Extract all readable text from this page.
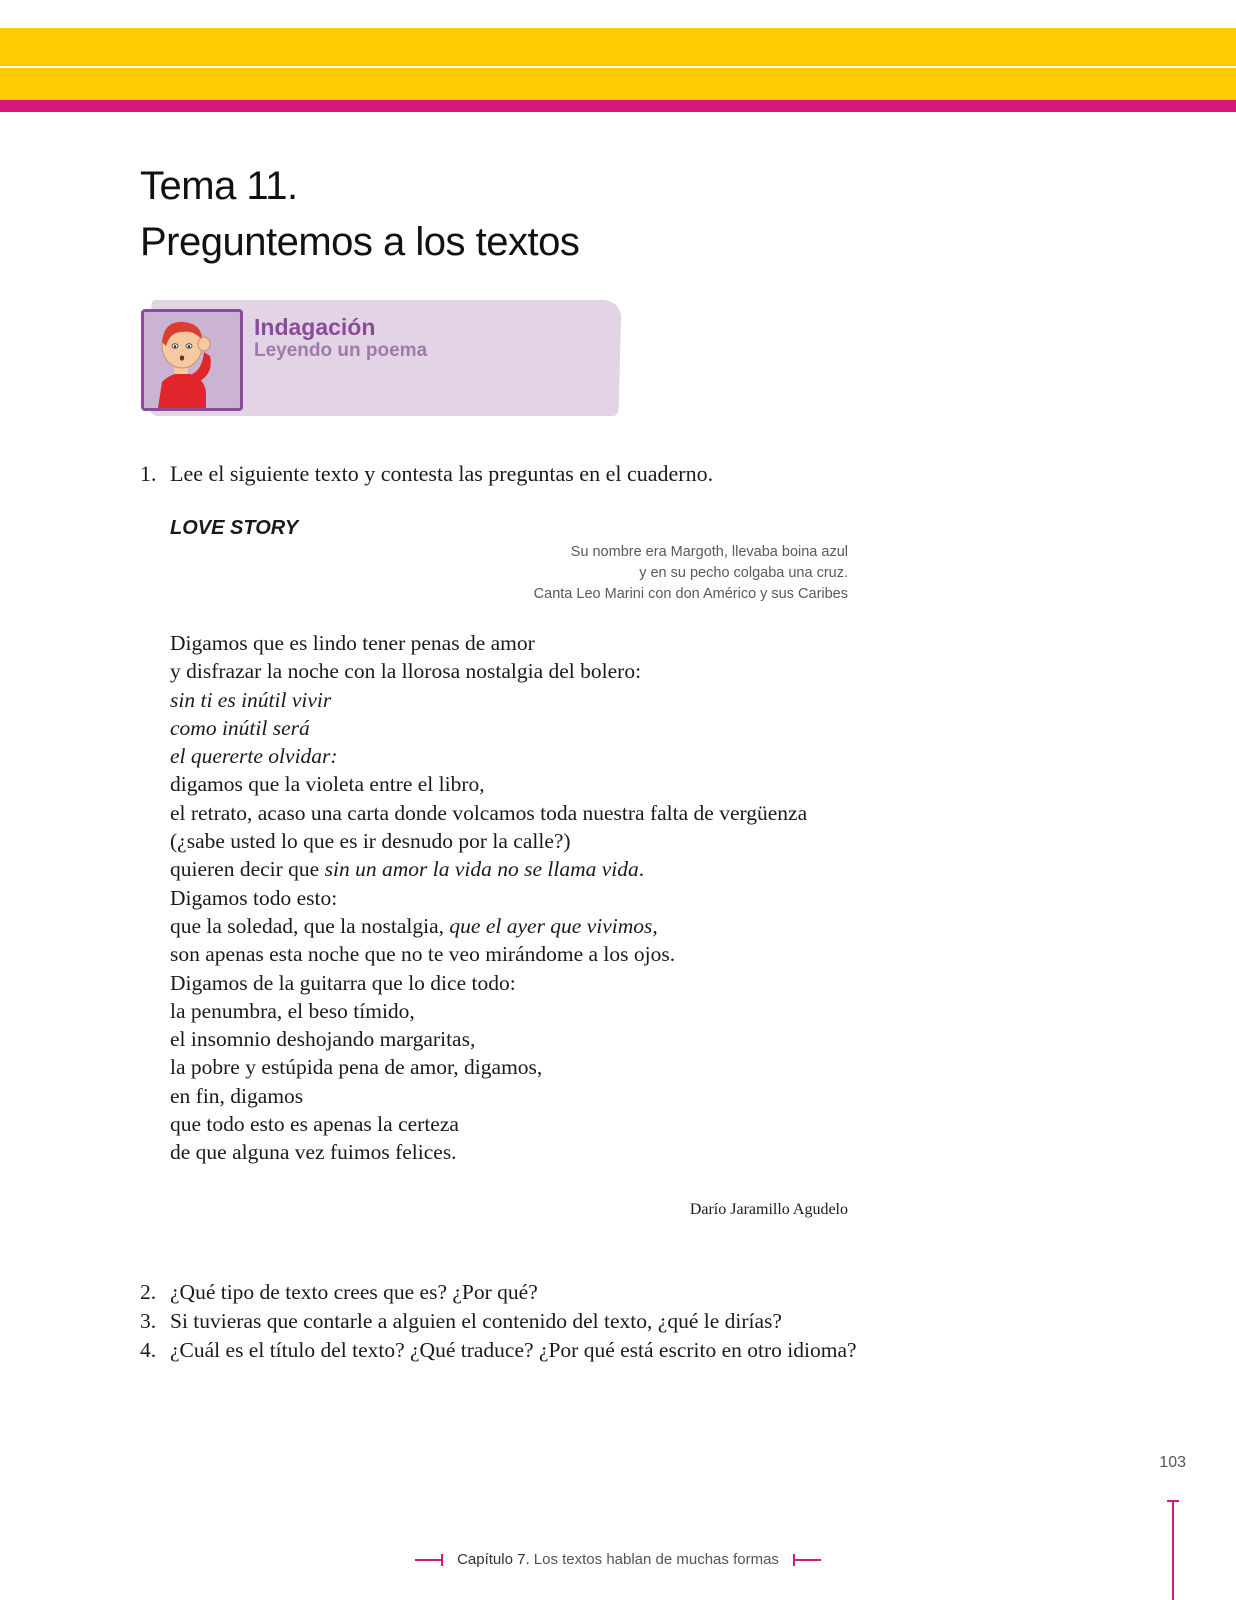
Tema 11.
Preguntemos a los textos
Indagación
Leyendo un poema
1. Lee el siguiente texto y contesta las preguntas en el cuaderno.
LOVE STORY
Su nombre era Margoth, llevaba boina azul
y en su pecho colgaba una cruz.
Canta Leo Marini con don Américo y sus Caribes
Digamos que es lindo tener penas de amor
y disfrazar la noche con la llorosa nostalgia del bolero:
sin ti es inútil vivir
como inútil será
el quererte olvidar:
digamos que la violeta entre el libro,
el retrato, acaso una carta donde volcamos toda nuestra falta de vergüenza
(¿sabe usted lo que es ir desnudo por la calle?)
quieren decir que sin un amor la vida no se llama vida.
Digamos todo esto:
que la soledad, que la nostalgia, que el ayer que vivimos,
son apenas esta noche que no te veo mirándome a los ojos.
Digamos de la guitarra que lo dice todo:
la penumbra, el beso tímido,
el insomnio deshojando margaritas,
la pobre y estúpida pena de amor, digamos,
en fin, digamos
que todo esto es apenas la certeza
de que alguna vez fuimos felices.
Darío Jaramillo Agudelo
2. ¿Qué tipo de texto crees que es? ¿Por qué?
3. Si tuvieras que contarle a alguien el contenido del texto, ¿qué le dirías?
4. ¿Cuál es el título del texto? ¿Qué traduce? ¿Por qué está escrito en otro idioma?
103
Capítulo 7. Los textos hablan de muchas formas
